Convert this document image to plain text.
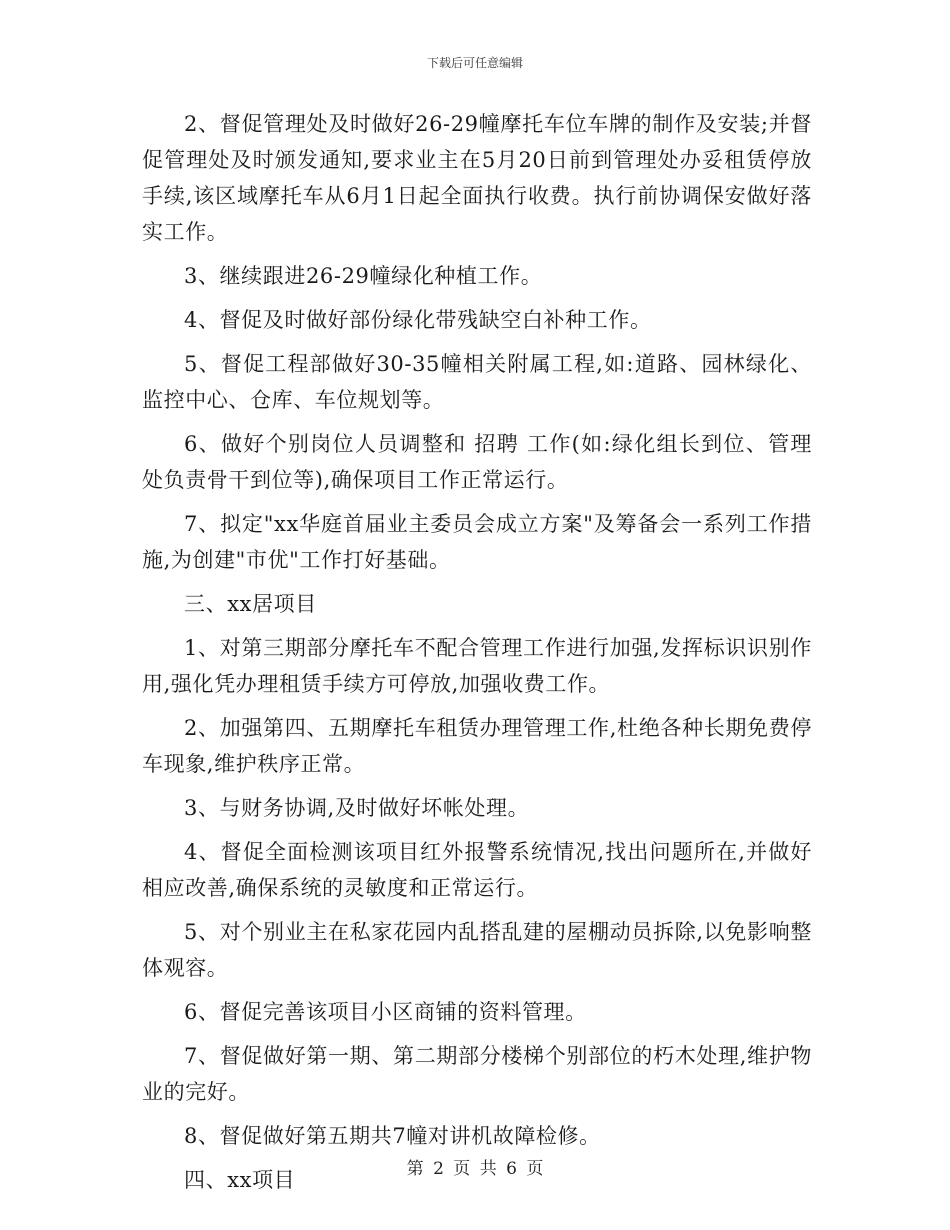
下载后可任意编辑

2、督促管理处及时做好26-29幢摩托车位车牌的制作及安装;并督促管理处及时颁发通知,要求业主在5月20日前到管理处办妥租赁停放手续,该区域摩托车从6月1日起全面执行收费。执行前协调保安做好落实工作。

3、继续跟进26-29幢绿化种植工作。

4、督促及时做好部份绿化带残缺空白补种工作。

5、督促工程部做好30-35幢相关附属工程,如:道路、园林绿化、监控中心、仓库、车位规划等。

6、做好个别岗位人员调整和 招聘 工作(如:绿化组长到位、管理处负责骨干到位等),确保项目工作正常运行。

7、拟定"xx华庭首届业主委员会成立方案"及筹备会一系列工作措施,为创建"市优"工作打好基础。

三、xx居项目

1、对第三期部分摩托车不配合管理工作进行加强,发挥标识识别作用,强化凭办理租赁手续方可停放,加强收费工作。

2、加强第四、五期摩托车租赁办理管理工作,杜绝各种长期免费停车现象,维护秩序正常。

3、与财务协调,及时做好坏帐处理。

4、督促全面检测该项目红外报警系统情况,找出问题所在,并做好相应改善,确保系统的灵敏度和正常运行。

5、对个别业主在私家花园内乱搭乱建的屋棚动员拆除,以免影响整体观容。

6、督促完善该项目小区商铺的资料管理。

7、督促做好第一期、第二期部分楼梯个别部位的朽木处理,维护物业的完好。

8、督促做好第五期共7幢对讲机故障检修。

四、xx项目	第 2 页 共 6 页
